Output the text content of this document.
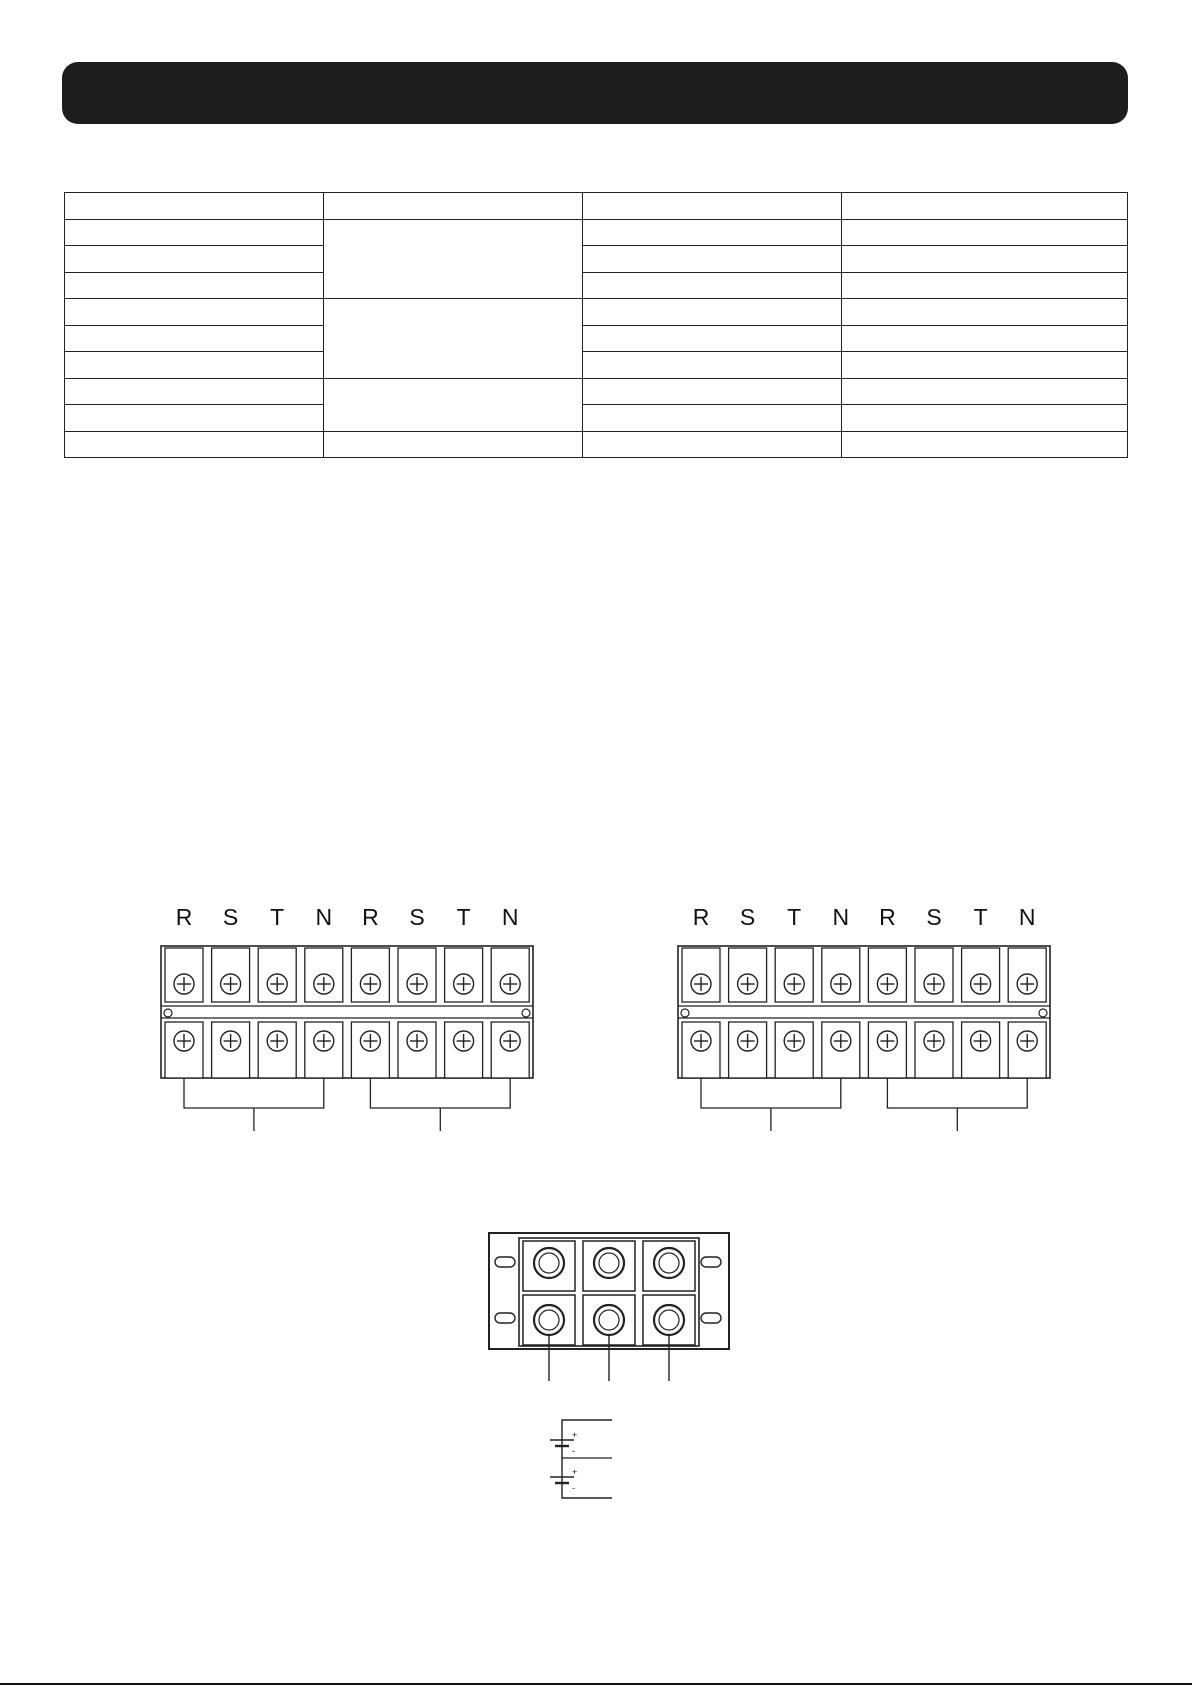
R S T N R S T N	R S T N R S T N
+
-
+
-
